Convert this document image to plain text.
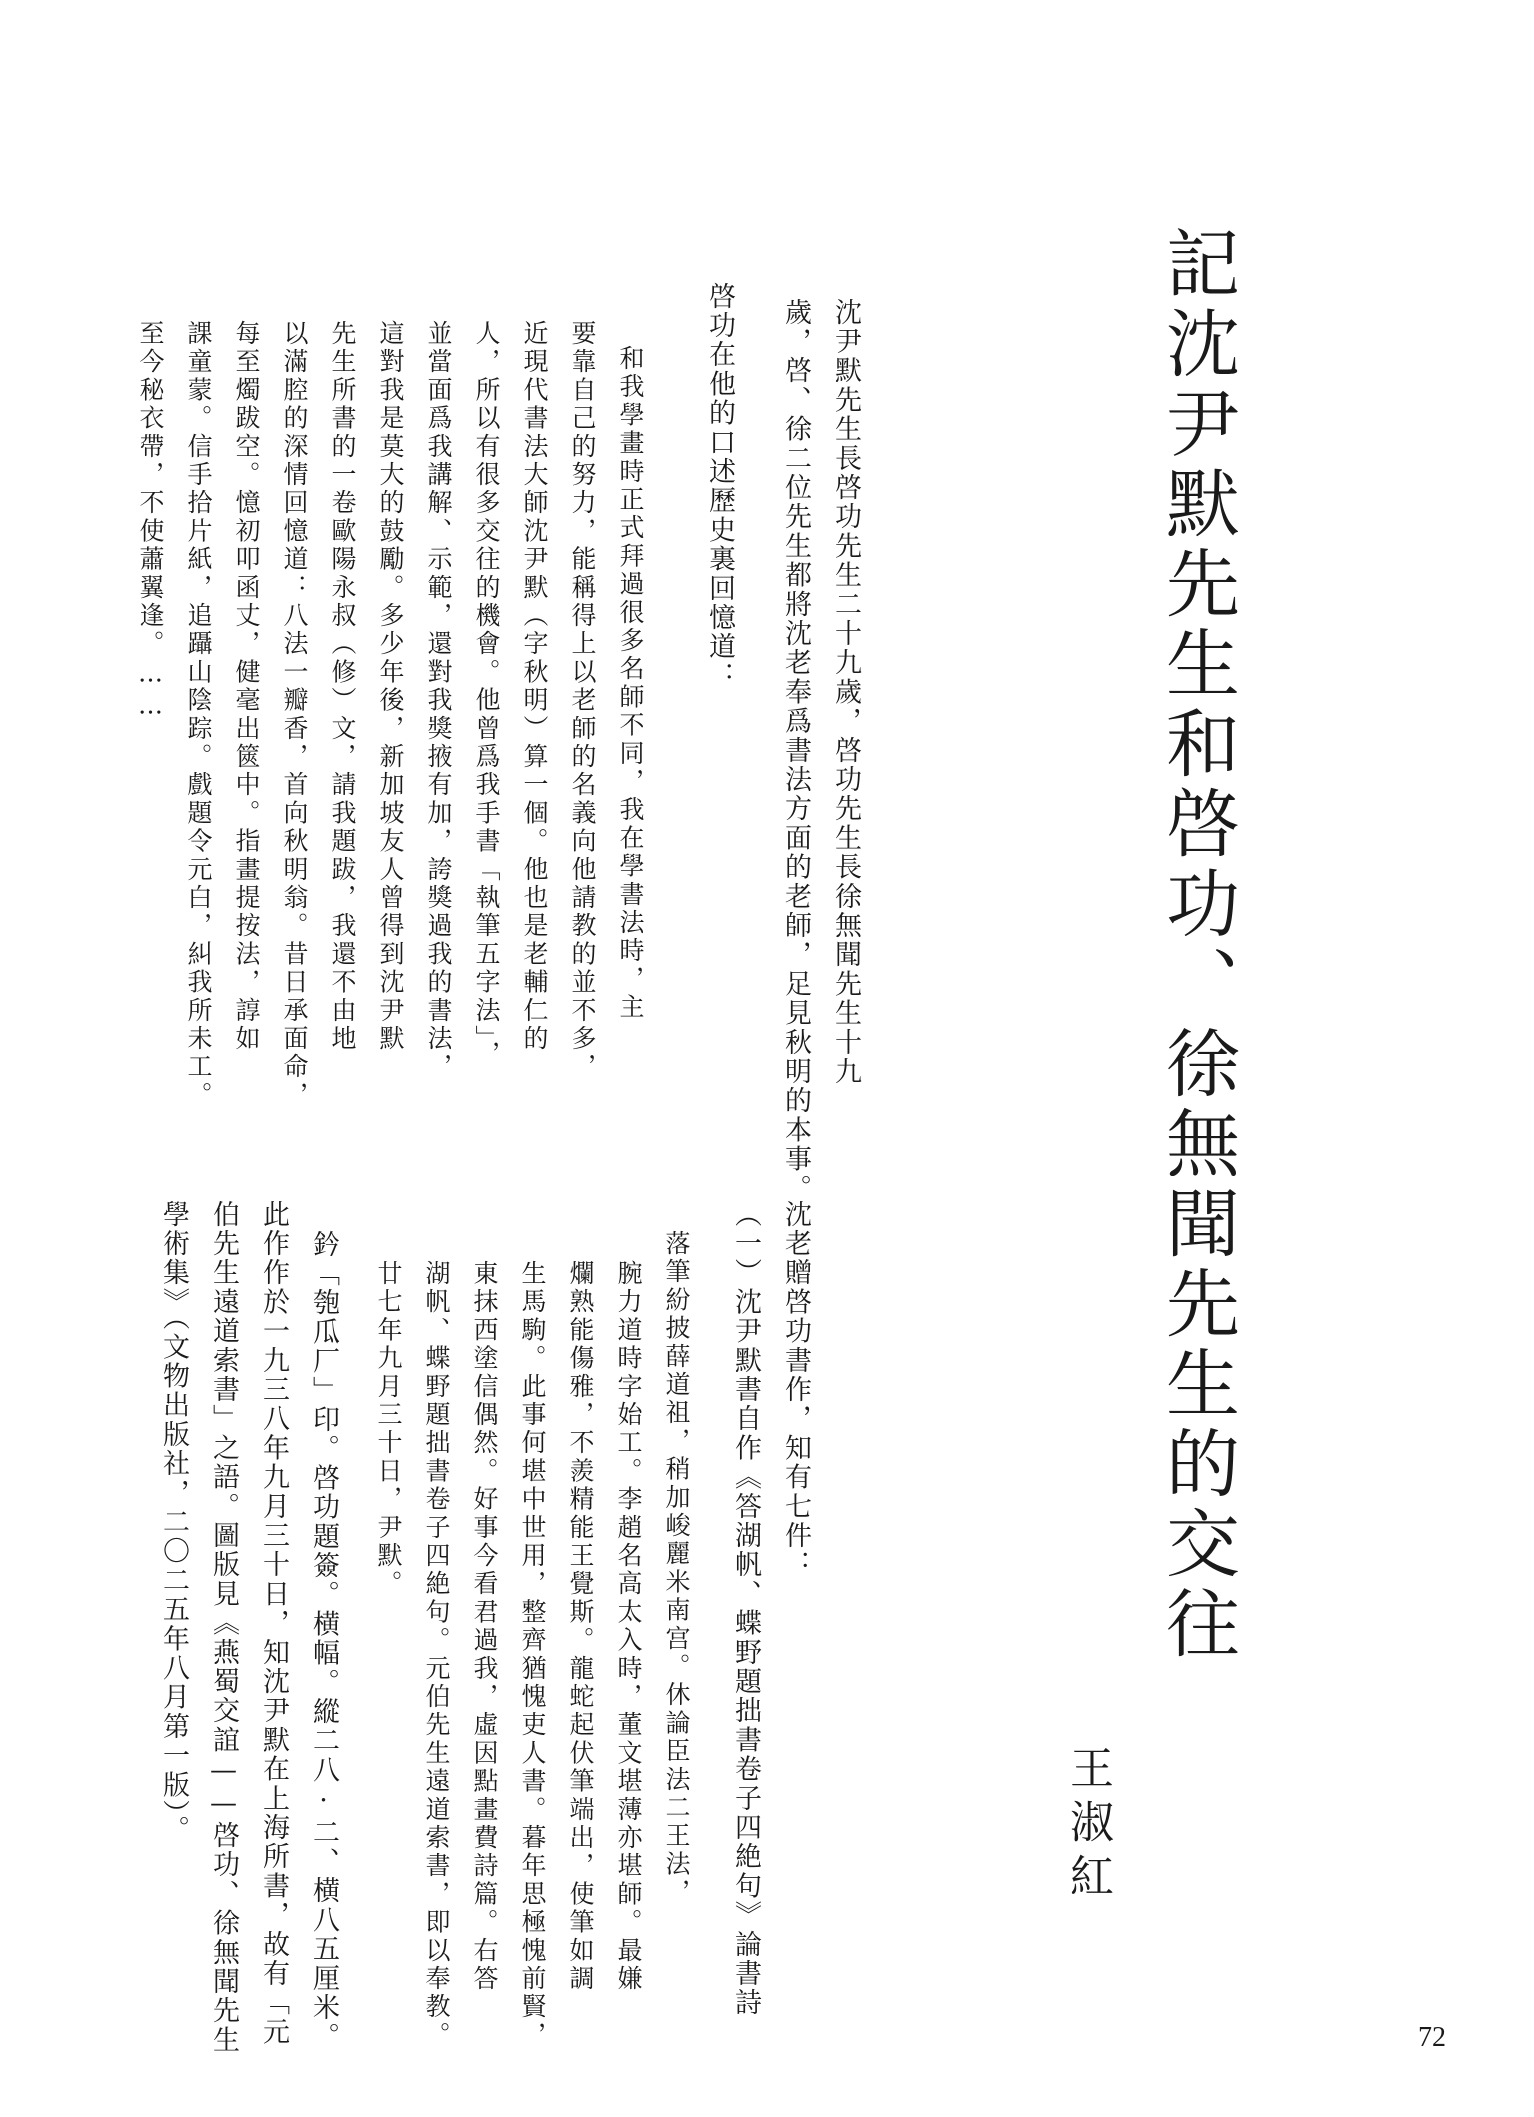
記沈尹默先生和啓功、徐無聞先生的交往
王淑紅
沈尹默先生長啓功先生二十九歲，啓功先生長徐無聞先生十九
歲，啓、徐二位先生都將沈老奉爲書法方面的老師，足見秋明的本事。
啓功在他的口述歷史裏回憶道：
和我學畫時正式拜過很多名師不同，我在學書法時，主
要靠自己的努力，能稱得上以老師的名義向他請教的並不多，
近現代書法大師沈尹默（字秋明）算一個。他也是老輔仁的
人，所以有很多交往的機會。他曾爲我手書「執筆五字法」，
並當面爲我講解、示範，還對我獎掖有加，誇獎過我的書法，
這對我是莫大的鼓勵。多少年後，新加坡友人曾得到沈尹默
先生所書的一卷歐陽永叔（修）文，請我題跋，我還不由地
以滿腔的深情回憶道：八法一瓣香，首向秋明翁。昔日承面命，
每至燭跋空。憶初叩函丈，健毫出篋中。指畫提按法，諄如
課童蒙。信手拾片紙，追躡山陰踪。戲題令元白，糾我所未工。
至今秘衣帶，不使蕭翼逢。……
沈老贈啓功書作，知有七件：
（一）沈尹默書自作《答湖帆、蝶野題拙書卷子四絶句》論書詩
落筆紛披薛道祖，稍加峻麗米南宫。休論臣法二王法，
腕力道時字始工。李趙名高太入時，董文堪薄亦堪師。最嫌
爛熟能傷雅，不羨精能王覺斯。龍蛇起伏筆端出，使筆如調
生馬駒。此事何堪中世用，整齊猶愧吏人書。暮年思極愧前賢，
東抹西塗信偶然。好事今看君過我，虛因點畫費詩篇。右答
湖帆、蝶野題拙書卷子四絶句。元伯先生遠道索書，即以奉教。
廿七年九月三十日，尹默。
鈐「匏瓜厂」印。啓功題簽。横幅。縱二八·二、横八五厘米。
此作作於一九三八年九月三十日，知沈尹默在上海所書，故有「元
伯先生遠道索書」之語。圖版見《燕蜀交誼——啓功、徐無聞先生
學術集》（文物出版社，二〇二五年八月第一版）。
72
